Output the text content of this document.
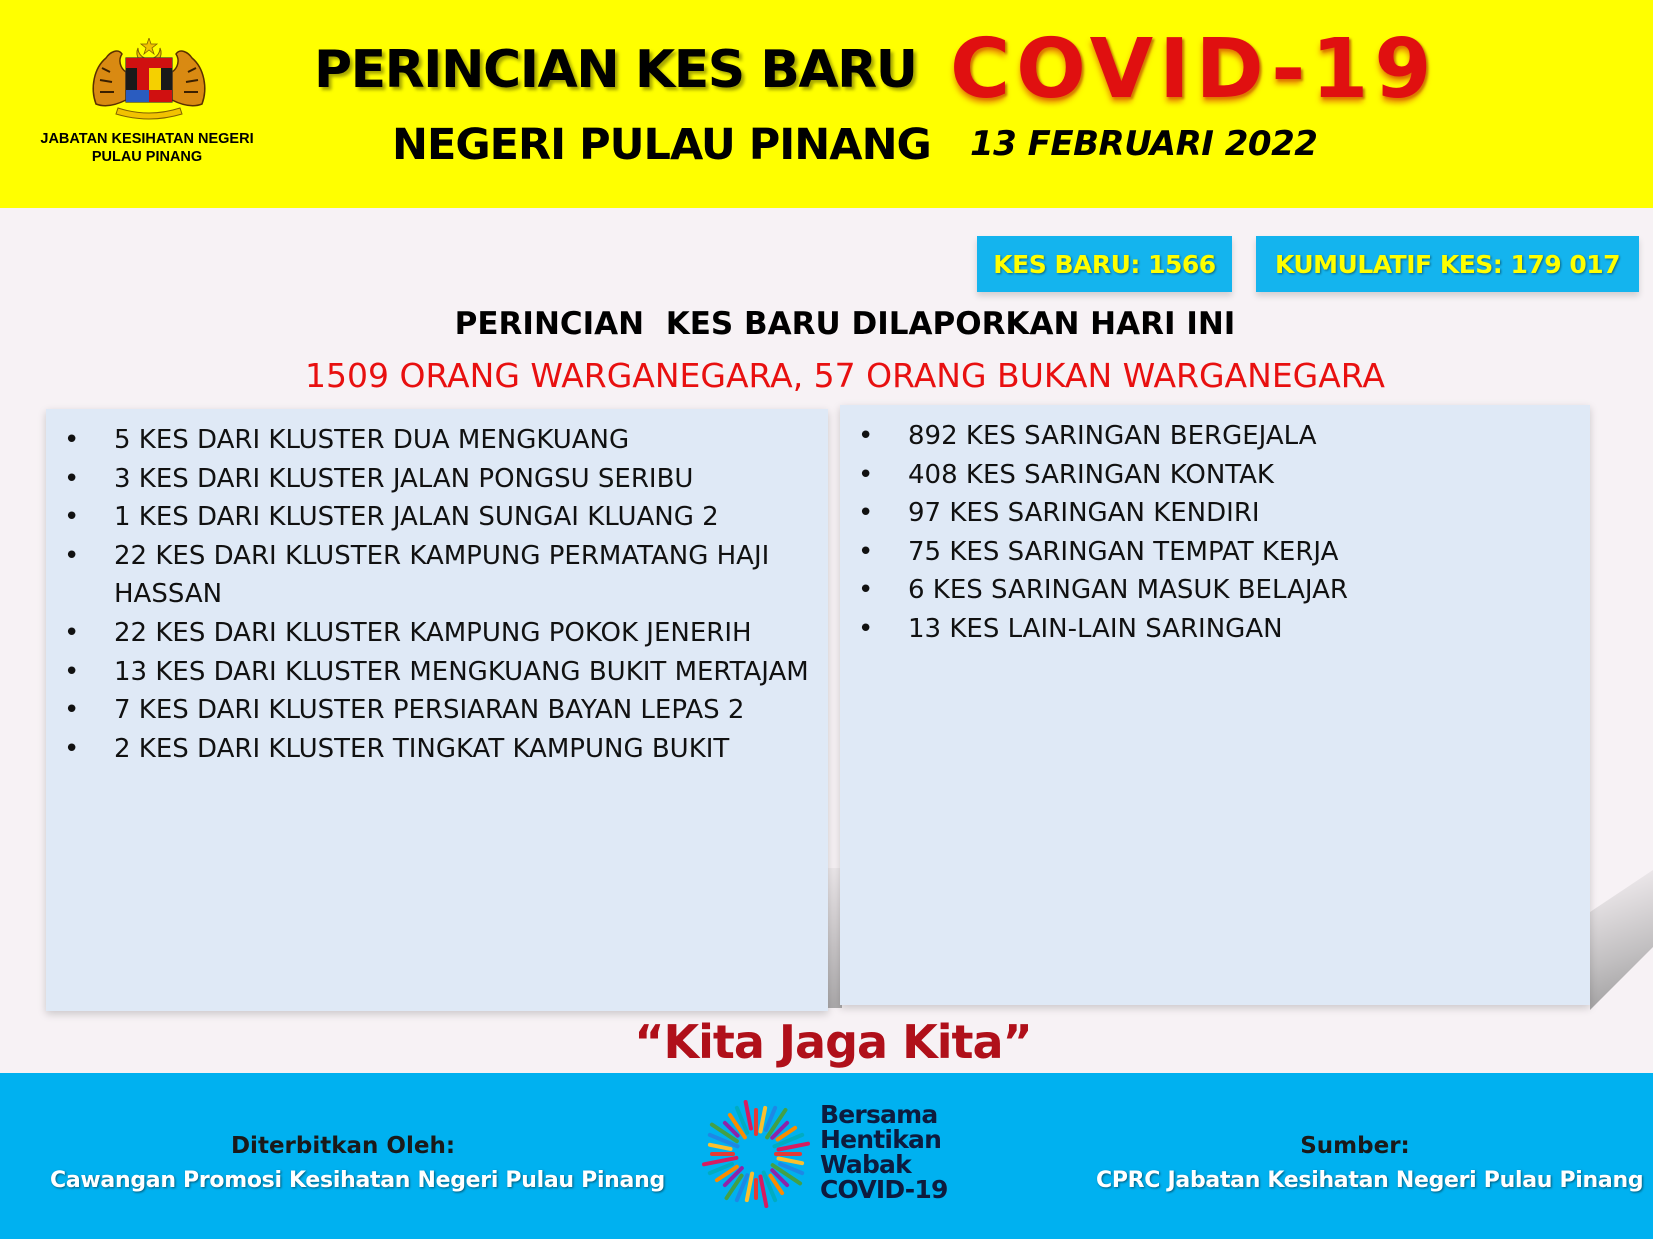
JABATAN KESIHATAN NEGERI
PULAU PINANG
PERINCIAN KES BARU COVID-19
NEGERI PULAU PINANG 13 FEBRUARI 2022
KES BARU: 1566	KUMULATIF KES: 179 017
PERINCIAN  KES BARU DILAPORKAN HARI INI
1509 ORANG WARGANEGARA, 57 ORANG BUKAN WARGANEGARA
• 5 KES DARI KLUSTER DUA MENGKUANG
• 3 KES DARI KLUSTER JALAN PONGSU SERIBU
• 1 KES DARI KLUSTER JALAN SUNGAI KLUANG 2
• 22 KES DARI KLUSTER KAMPUNG PERMATANG HAJI HASSAN
• 22 KES DARI KLUSTER KAMPUNG POKOK JENERIH
• 13 KES DARI KLUSTER MENGKUANG BUKIT MERTAJAM
• 7 KES DARI KLUSTER PERSIARAN BAYAN LEPAS 2
• 2 KES DARI KLUSTER TINGKAT KAMPUNG BUKIT
• 892 KES SARINGAN BERGEJALA
• 408 KES SARINGAN KONTAK
• 97 KES SARINGAN KENDIRI
• 75 KES SARINGAN TEMPAT KERJA
• 6 KES SARINGAN MASUK BELAJAR
• 13 KES LAIN-LAIN SARINGAN
“Kita Jaga Kita”
Diterbitkan Oleh:
Cawangan Promosi Kesihatan Negeri Pulau Pinang
Sumber:
CPRC Jabatan Kesihatan Negeri Pulau Pinang
Bersama
Hentikan
Wabak
COVID-19
